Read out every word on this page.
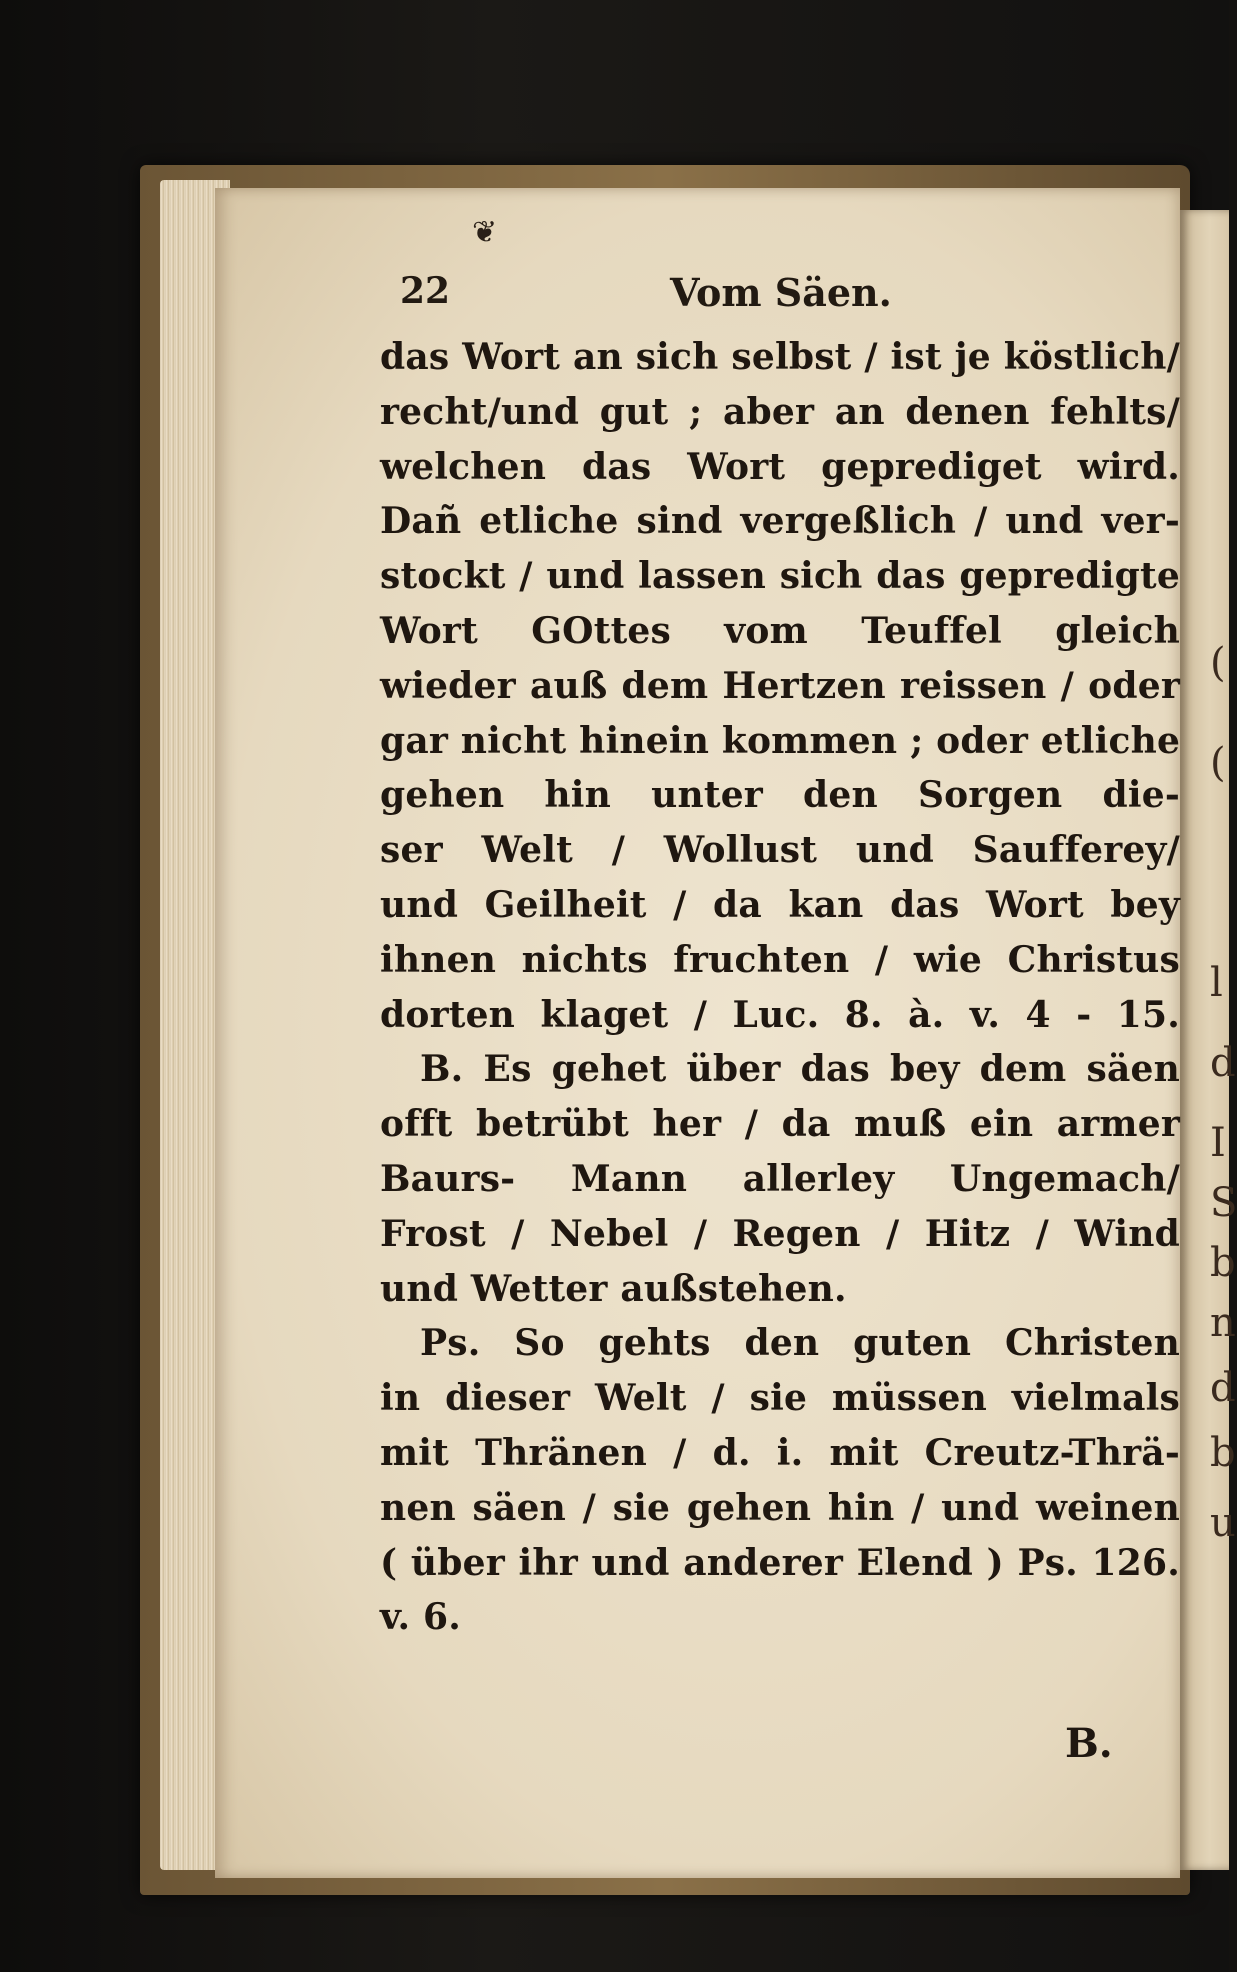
(
(
l
d
I
S
b
n
d
b
u
❦
22	Vom Säen.
das Wort an sich selbst / ist je köstlich/
recht/und gut ; aber an denen fehlts/
welchen das Wort geprediget wird.
Dañ etliche sind vergeßlich / und ver-
stockt / und lassen sich das gepredigte
Wort GOttes vom Teuffel gleich
wieder auß dem Hertzen reissen / oder
gar nicht hinein kommen ; oder etliche
gehen hin unter den Sorgen die-
ser Welt / Wollust und Saufferey/
und Geilheit / da kan das Wort bey
ihnen nichts fruchten / wie Christus
dorten klaget / Luc. 8. à. v. 4 - 15.
B. Es gehet über das bey dem säen
offt betrübt her / da muß ein armer
Baurs- Mann allerley Ungemach/
Frost / Nebel / Regen / Hitz / Wind
und Wetter außstehen.
Ps. So gehts den guten Christen
in dieser Welt / sie müssen vielmals
mit Thränen / d. i. mit Creutz-Thrä-
nen säen / sie gehen hin / und weinen
( über ihr und anderer Elend ) Ps. 126.
v. 6.
B.
